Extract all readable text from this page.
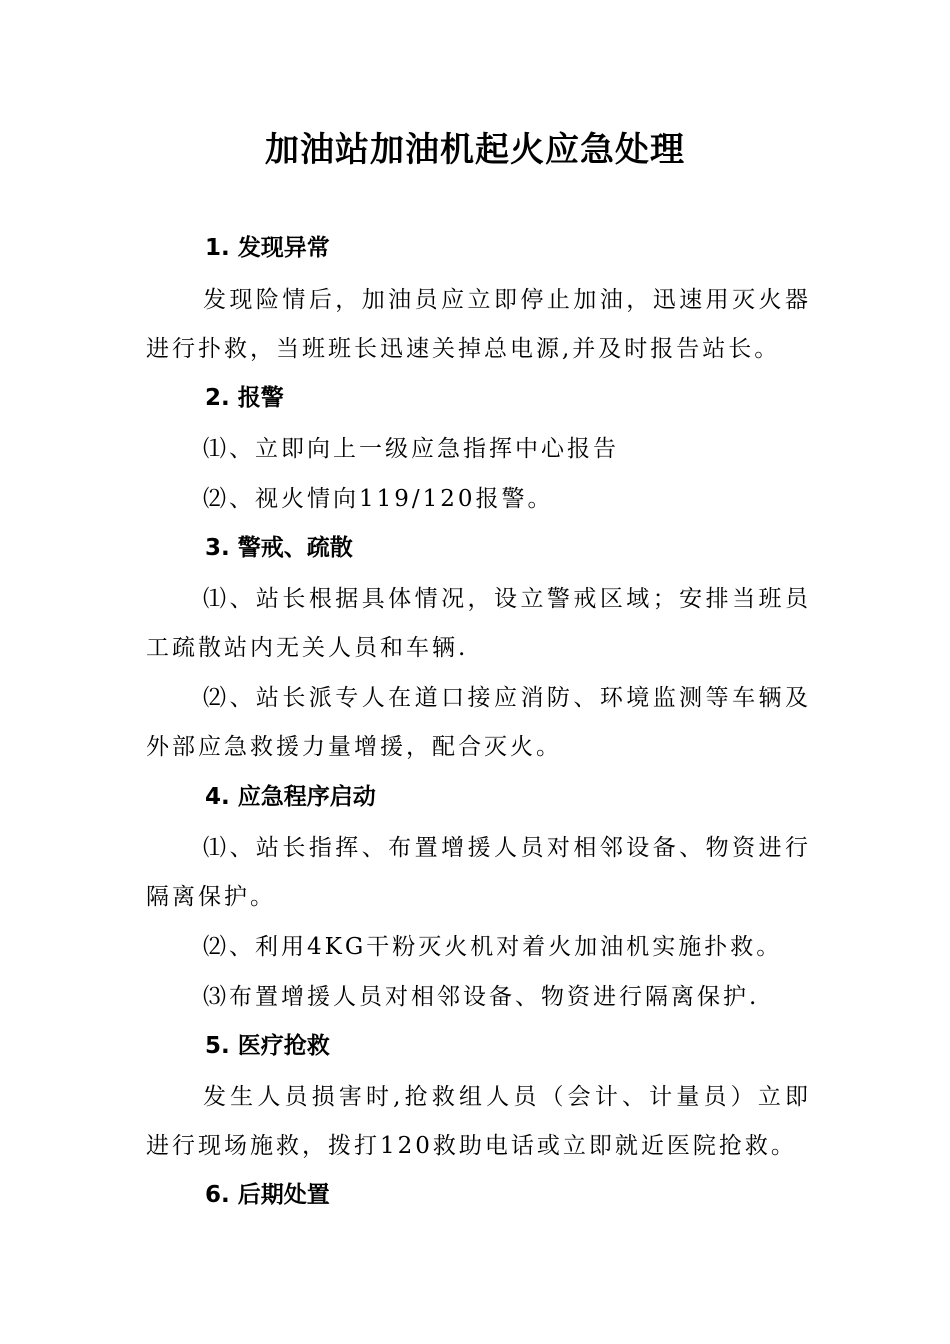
加油站加油机起火应急处理
1. 发现异常

发现险情后，加油员应立即停止加油，迅速用灭火器进行扑救，当班班长迅速关掉总电源,并及时报告站长。

2. 报警

⑴、立即向上一级应急指挥中心报告

⑵、视火情向119/120报警。

3. 警戒、疏散

⑴、站长根据具体情况，设立警戒区域；安排当班员工疏散站内无关人员和车辆.

⑵、站长派专人在道口接应消防、环境监测等车辆及外部应急救援力量增援，配合灭火。

4. 应急程序启动

⑴、站长指挥、布置增援人员对相邻设备、物资进行隔离保护。

⑵、利用4KG干粉灭火机对着火加油机实施扑救。

⑶布置增援人员对相邻设备、物资进行隔离保护.

5. 医疗抢救

发生人员损害时,抢救组人员（会计、计量员）立即进行现场施救，拨打120救助电话或立即就近医院抢救。

6. 后期处置
